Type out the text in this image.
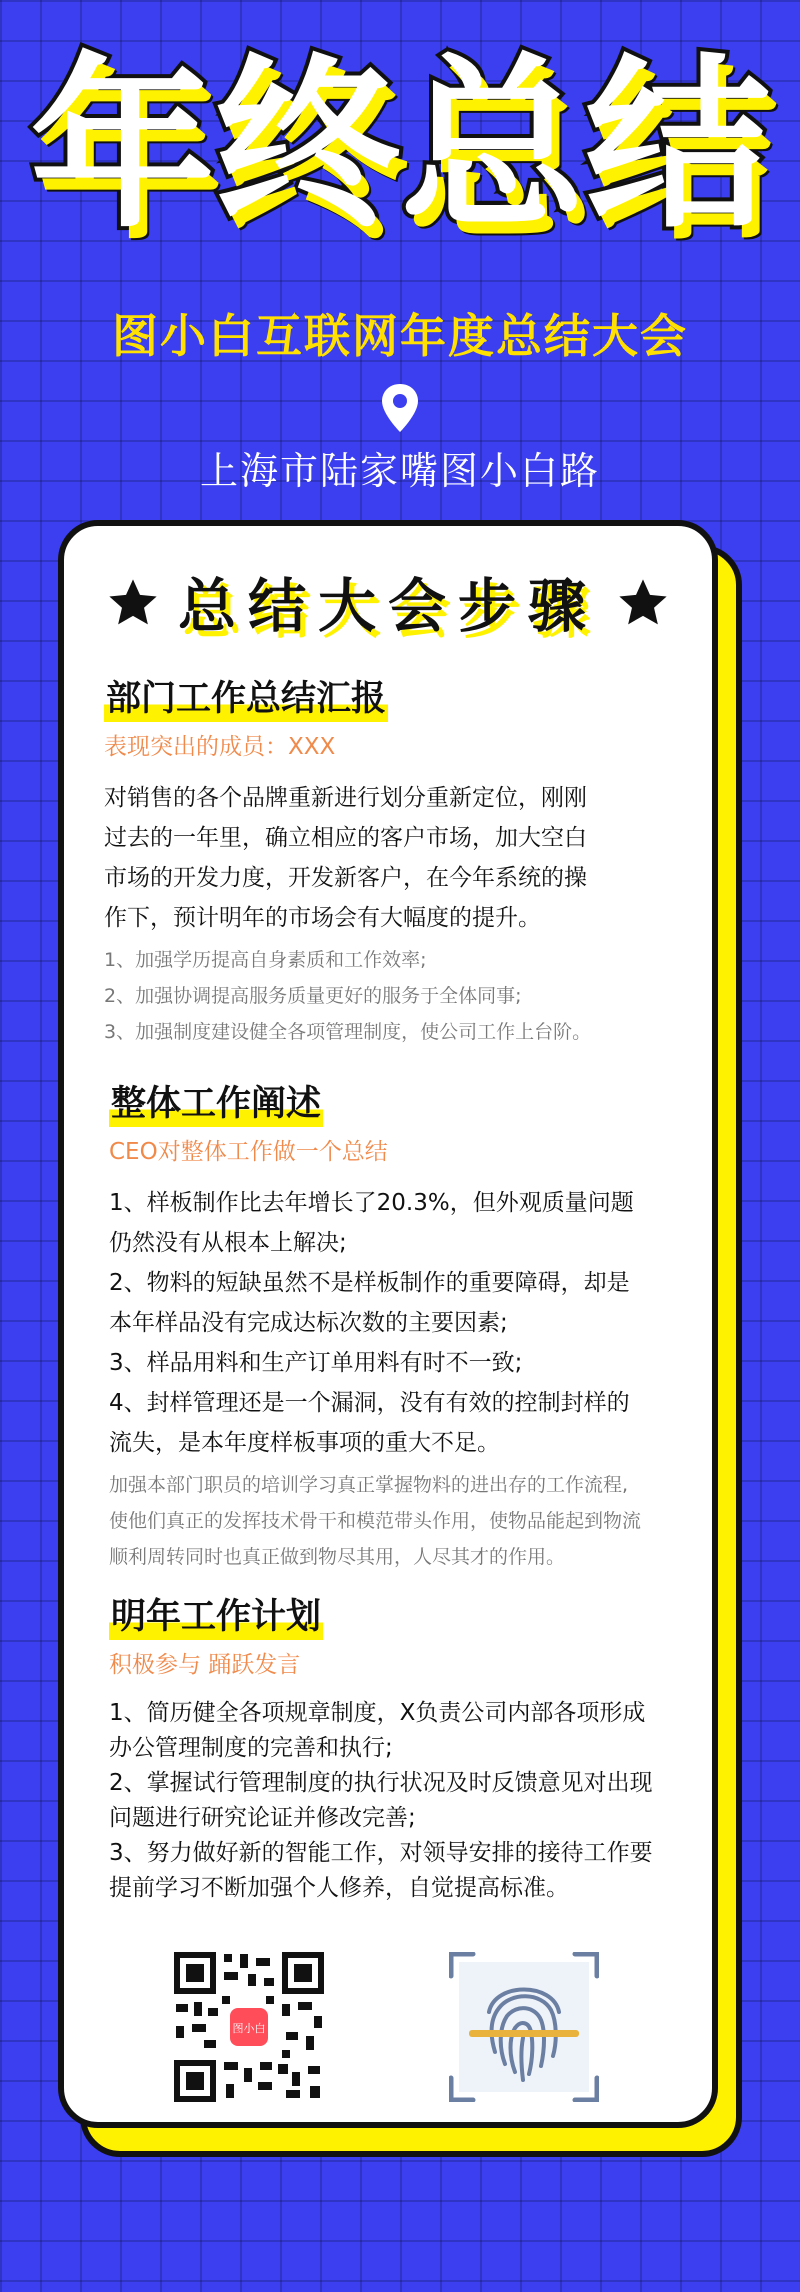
年终总结
图小白互联网年度总结大会
上海市陆家嘴图小白路
总结大会步骤
部门工作总结汇报
表现突出的成员：XXX

对销售的各个品牌重新进行划分重新定位，刚刚

过去的一年里，确立相应的客户市场，加大空白

市场的开发力度，开发新客户，在今年系统的操

作下，预计明年的市场会有大幅度的提升。

1、加强学历提高自身素质和工作效率;

2、加强协调提高服务质量更好的服务于全体同事;

3、加强制度建设健全各项管理制度，使公司工作上台阶。

整体工作阐述
CEO对整体工作做一个总结

1、样板制作比去年增长了20.3%，但外观质量问题

仍然没有从根本上解决;

2、物料的短缺虽然不是样板制作的重要障碍，却是

本年样品没有完成达标次数的主要因素;

3、样品用料和生产订单用料有时不一致;

4、封样管理还是一个漏洞，没有有效的控制封样的

流失，是本年度样板事项的重大不足。

加强本部门职员的培训学习真正掌握物料的进出存的工作流程,

使他们真正的发挥技术骨干和模范带头作用，使物品能起到物流

顺利周转同时也真正做到物尽其用，人尽其才的作用。

明年工作计划
积极参与 踊跃发言

1、简历健全各项规章制度，X负责公司内部各项形成

办公管理制度的完善和执行;

2、掌握试行管理制度的执行状况及时反馈意见对出现

问题进行研究论证并修改完善;

3、努力做好新的智能工作，对领导安排的接待工作要

提前学习不断加强个人修养，自觉提高标准。

图小白
